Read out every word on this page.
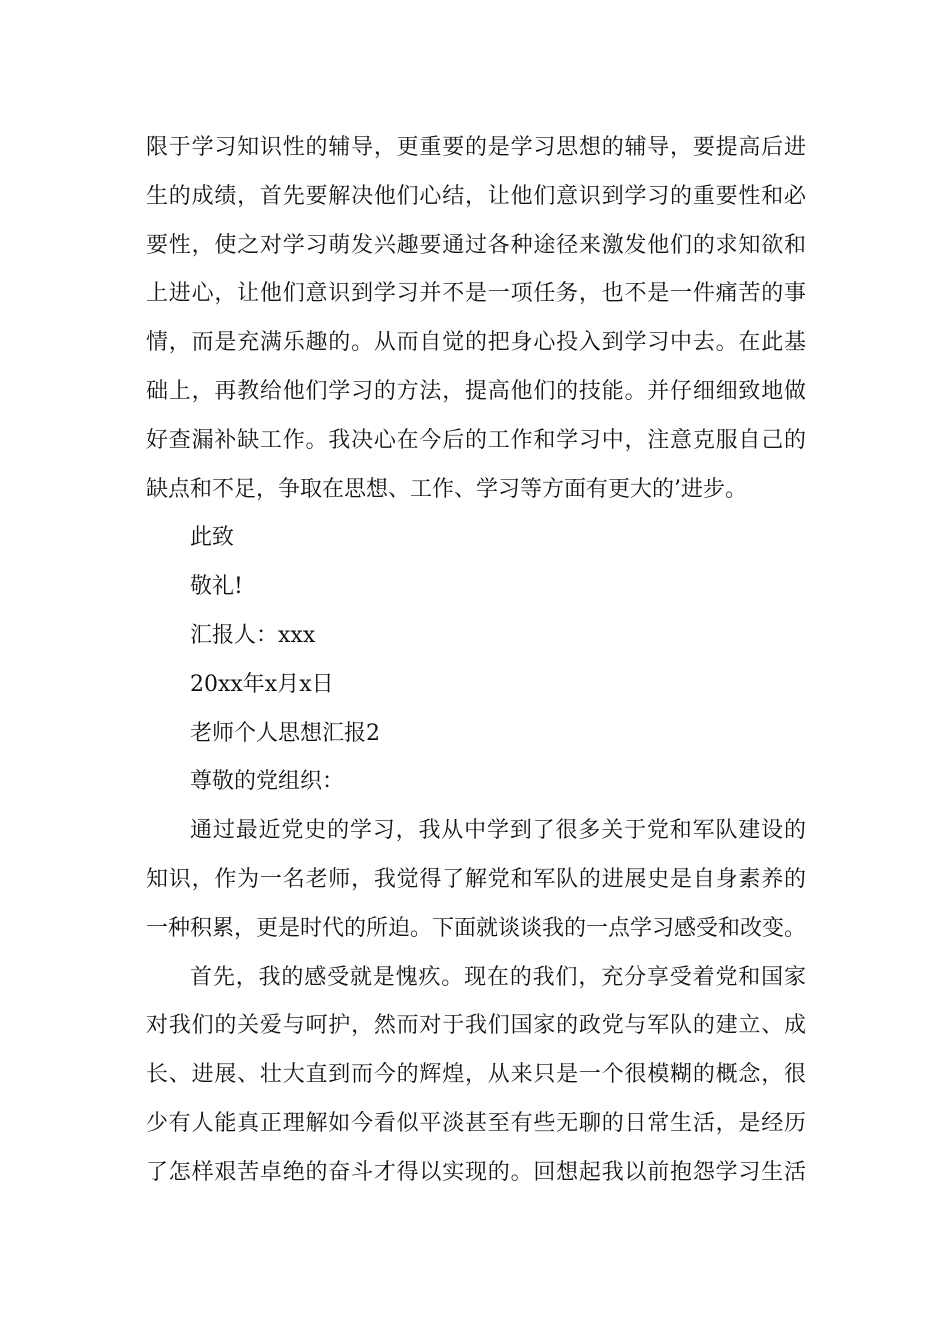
限于学习知识性的辅导，更重要的是学习思想的辅导，要提高后进
生的成绩，首先要解决他们心结，让他们意识到学习的重要性和必
要性，使之对学习萌发兴趣要通过各种途径来激发他们的求知欲和
上进心，让他们意识到学习并不是一项任务，也不是一件痛苦的事
情，而是充满乐趣的。从而自觉的把身心投入到学习中去。在此基
础上，再教给他们学习的方法，提高他们的技能。并仔细细致地做
好查漏补缺工作。我决心在今后的工作和学习中，注意克服自己的
缺点和不足，争取在思想、工作、学习等方面有更大的’进步。
此致
敬礼!
汇报人：xxx
20xx年x月x日
老师个人思想汇报2
尊敬的党组织：
通过最近党史的学习，我从中学到了很多关于党和军队建设的
知识，作为一名老师，我觉得了解党和军队的进展史是自身素养的
一种积累，更是时代的所迫。下面就谈谈我的一点学习感受和改变。
首先，我的感受就是愧疚。现在的我们，充分享受着党和国家
对我们的关爱与呵护，然而对于我们国家的政党与军队的建立、成
长、进展、壮大直到而今的辉煌，从来只是一个很模糊的概念，很
少有人能真正理解如今看似平淡甚至有些无聊的日常生活，是经历
了怎样艰苦卓绝的奋斗才得以实现的。回想起我以前抱怨学习生活
